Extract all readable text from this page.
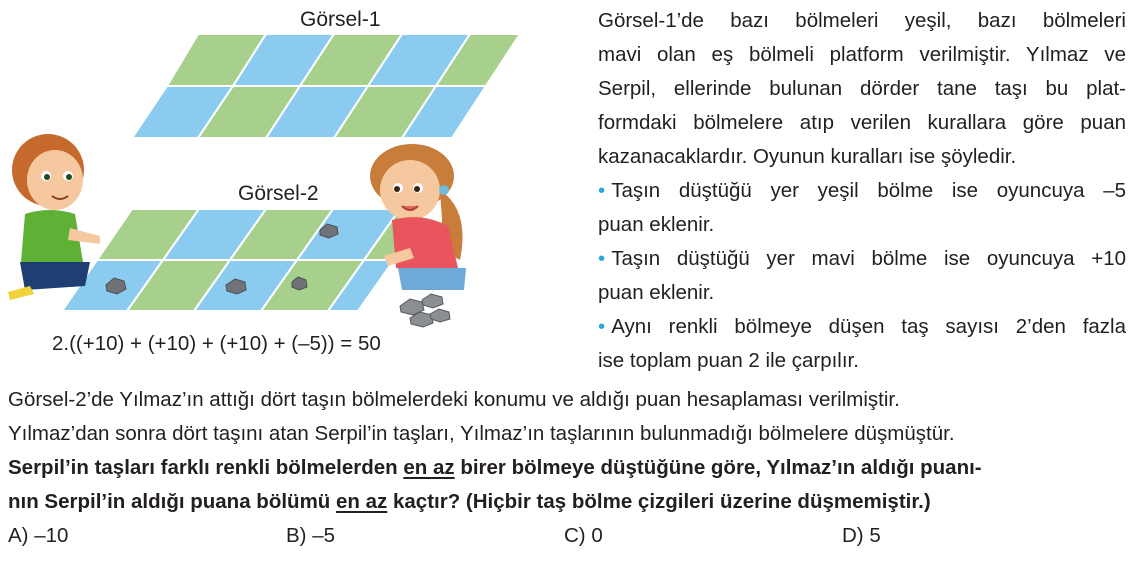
Görsel-1
Görsel-2
2.((+10) + (+10) + (+10) + (–5)) = 50
Görsel-1’de bazı bölmeleri yeşil, bazı bölmeleri
mavi olan eş bölmeli platform verilmiştir. Yılmaz ve
Serpil, ellerinde bulunan dörder tane taşı bu plat-
formdaki bölmelere atıp verilen kurallara göre puan
kazanacaklardır. Oyunun kuralları ise şöyledir.
• Taşın düştüğü yer yeşil bölme ise oyuncuya –5
puan eklenir.
• Taşın düştüğü yer mavi bölme ise oyuncuya +10
puan eklenir.
• Aynı renkli bölmeye düşen taş sayısı 2’den fazla
ise toplam puan 2 ile çarpılır.
Görsel-2’de Yılmaz’ın attığı dört taşın bölmelerdeki konumu ve aldığı puan hesaplaması verilmiştir.
Yılmaz’dan sonra dört taşını atan Serpil’in taşları, Yılmaz’ın taşlarının bulunmadığı bölmelere düşmüştür.
Serpil’in taşları farklı renkli bölmelerden en az birer bölmeye düştüğüne göre, Yılmaz’ın aldığı puanı-
nın Serpil’in aldığı puana bölümü en az kaçtır? (Hiçbir taş bölme çizgileri üzerine düşmemiştir.)
A) –10	B) –5	C) 0	D) 5
